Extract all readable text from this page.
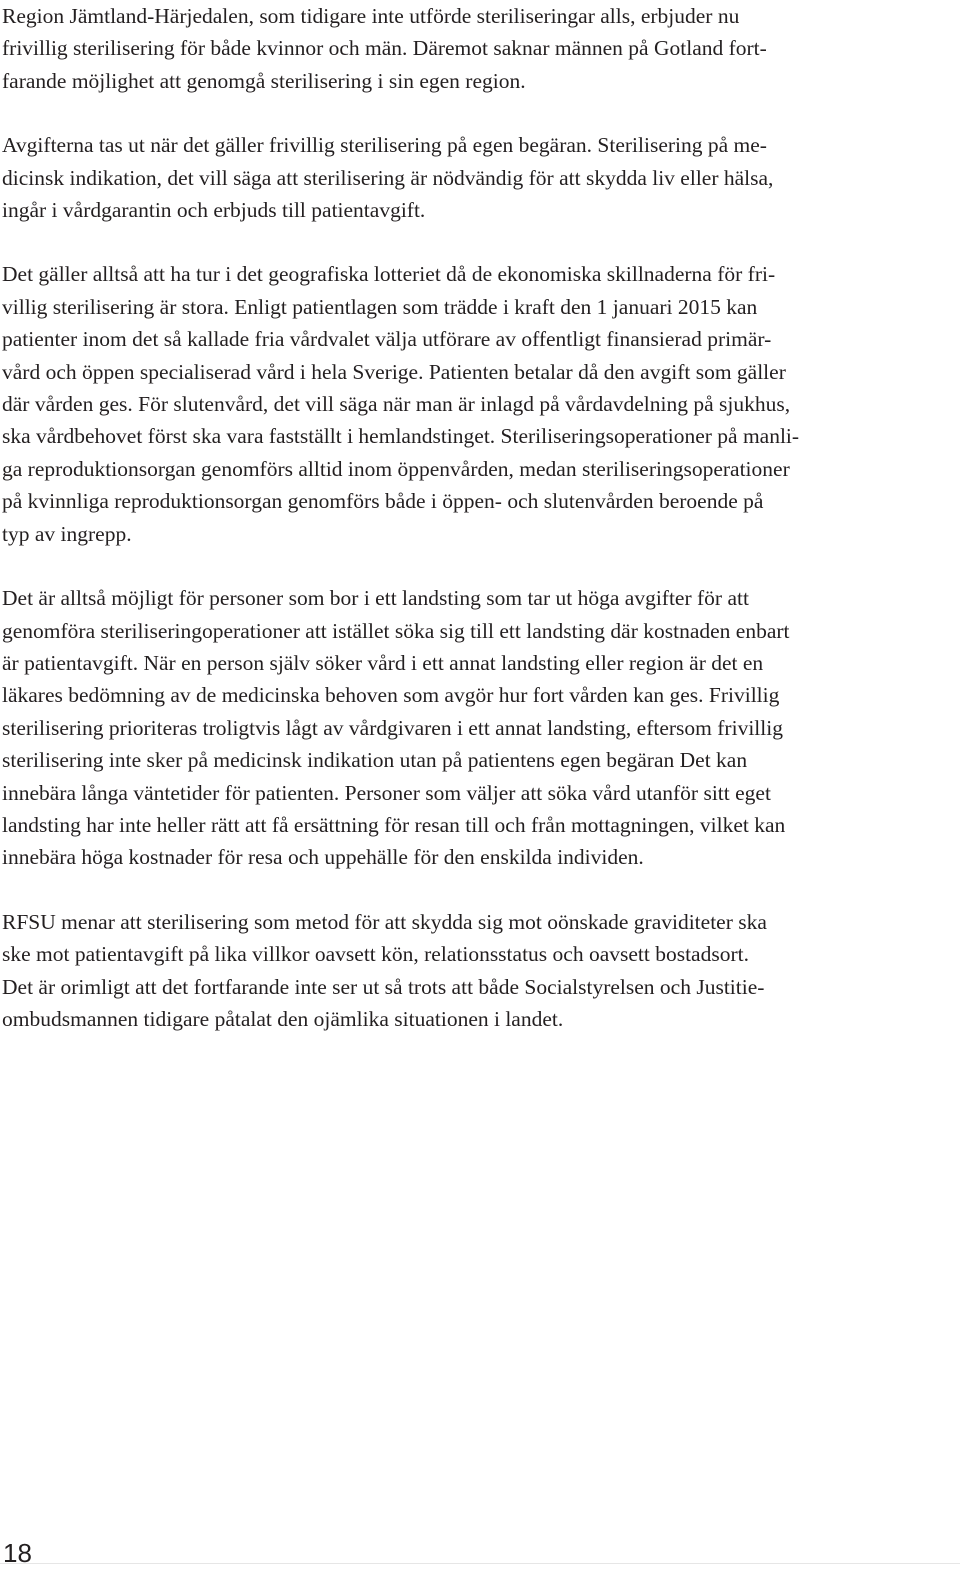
Region Jämtland-Härjedalen, som tidigare inte utförde steriliseringar alls, erbjuder nu
frivillig sterilisering för både kvinnor och män. Däremot saknar männen på Gotland fort-
farande möjlighet att genomgå sterilisering i sin egen region.
Avgifterna tas ut när det gäller frivillig sterilisering på egen begäran. Sterilisering på me-
dicinsk indikation, det vill säga att sterilisering är nödvändig för att skydda liv eller hälsa,
ingår i vårdgarantin och erbjuds till patientavgift.
Det gäller alltså att ha tur i det geografiska lotteriet då de ekonomiska skillnaderna för fri-
villig sterilisering är stora. Enligt patientlagen som trädde i kraft den 1 januari 2015 kan
patienter inom det så kallade fria vårdvalet välja utförare av offentligt finansierad primär-
vård och öppen specialiserad vård i hela Sverige. Patienten betalar då den avgift som gäller
där vården ges. För slutenvård, det vill säga när man är inlagd på vårdavdelning på sjukhus,
ska vårdbehovet först ska vara fastställt i hemlandstinget. Steriliseringsoperationer på manli-
ga reproduktionsorgan genomförs alltid inom öppenvården, medan steriliseringsoperationer
på kvinnliga reproduktionsorgan genomförs både i öppen- och slutenvården beroende på
typ av ingrepp.
Det är alltså möjligt för personer som bor i ett landsting som tar ut höga avgifter för att
genomföra steriliseringoperationer att istället söka sig till ett landsting där kostnaden enbart
är patientavgift. När en person själv söker vård i ett annat landsting eller region är det en
läkares bedömning av de medicinska behoven som avgör hur fort vården kan ges. Frivillig
sterilisering prioriteras troligtvis lågt av vårdgivaren i ett annat landsting, eftersom frivillig
sterilisering inte sker på medicinsk indikation utan på patientens egen begäran Det kan
innebära långa väntetider för patienten. Personer som väljer att söka vård utanför sitt eget
landsting har inte heller rätt att få ersättning för resan till och från mottagningen, vilket kan
innebära höga kostnader för resa och uppehälle för den enskilda individen.
RFSU menar att sterilisering som metod för att skydda sig mot oönskade graviditeter ska
ske mot patientavgift på lika villkor oavsett kön, relationsstatus och oavsett bostadsort.
Det är orimligt att det fortfarande inte ser ut så trots att både Socialstyrelsen och Justitie-
ombudsmannen tidigare påtalat den ojämlika situationen i landet.
18
